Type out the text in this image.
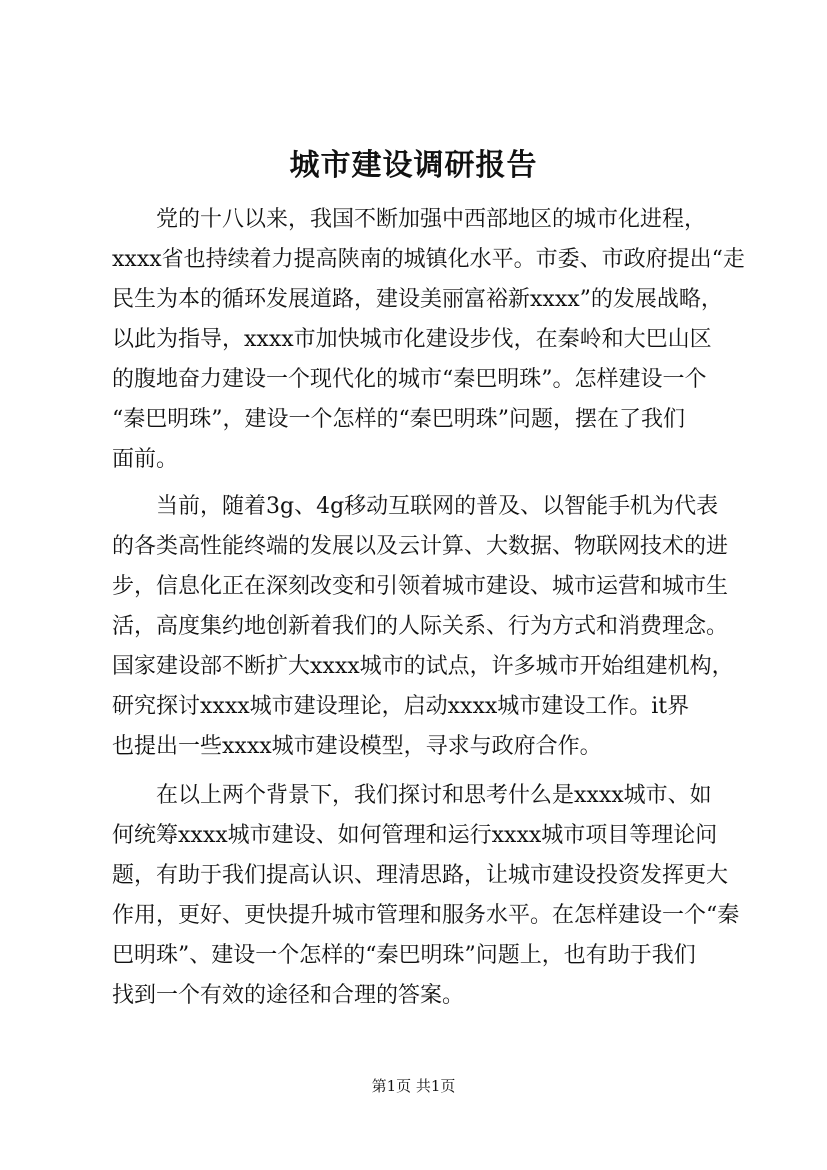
城市建设调研报告
党的十八以来，我国不断加强中西部地区的城市化进程，
xxxx省也持续着力提高陕南的城镇化水平。市委、市政府提出“走
民生为本的循环发展道路，建设美丽富裕新xxxx”的发展战略，
以此为指导，xxxx市加快城市化建设步伐，在秦岭和大巴山区
的腹地奋力建设一个现代化的城市“秦巴明珠”。怎样建设一个
“秦巴明珠”，建设一个怎样的“秦巴明珠”问题，摆在了我们
面前。
当前，随着3g、4g移动互联网的普及、以智能手机为代表
的各类高性能终端的发展以及云计算、大数据、物联网技术的进
步，信息化正在深刻改变和引领着城市建设、城市运营和城市生
活，高度集约地创新着我们的人际关系、行为方式和消费理念。
国家建设部不断扩大xxxx城市的试点，许多城市开始组建机构，
研究探讨xxxx城市建设理论，启动xxxx城市建设工作。it界
也提出一些xxxx城市建设模型，寻求与政府合作。
在以上两个背景下，我们探讨和思考什么是xxxx城市、如
何统筹xxxx城市建设、如何管理和运行xxxx城市项目等理论问
题，有助于我们提高认识、理清思路，让城市建设投资发挥更大
作用，更好、更快提升城市管理和服务水平。在怎样建设一个“秦
巴明珠”、建设一个怎样的“秦巴明珠”问题上，也有助于我们
找到一个有效的途径和合理的答案。
第1页 共1页
